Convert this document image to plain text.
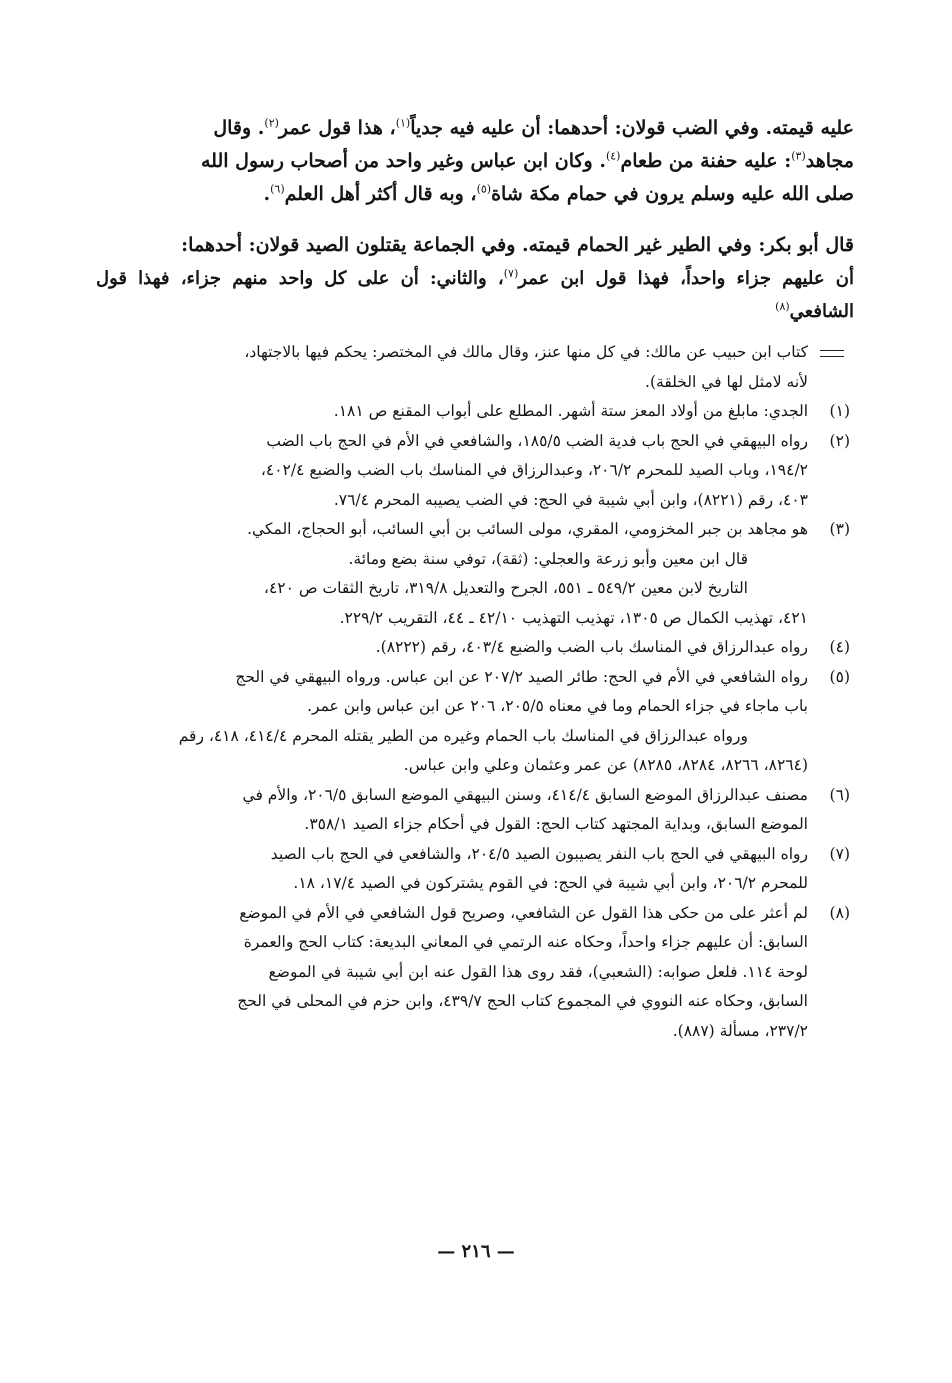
عليه قيمته. وفي الضب قولان: أحدهما: أن عليه فيه جدياً$^{(١)}$، هذا قول عمر$^{(٢)}$. وقال

مجاهد$^{(٣)}$: عليه حفنة من طعام$^{(٤)}$. وكان ابن عباس وغير واحد من أصحاب رسول الله

صلى الله عليه وسلم يرون في حمام مكة شاة$^{(٥)}$، وبه قال أكثر أهل العلم$^{(٦)}$.

قال أبو بكر: وفي الطير غير الحمام قيمته. وفي الجماعة يقتلون الصيد قولان: أحدهما:

أن عليهم جزاء واحداً، فهذا قول ابن عمر$^{(٧)}$، والثاني: أن على كل واحد منهم جزاء، فهذا قول الشافعي$^{(٨)}$

كتاب ابن حبيب عن مالك: في كل منها عنز، وقال مالك في المختصر: يحكم فيها بالاجتهاد،
لأنه لامثل لها في الخلقة).
(١)
الجدي: مابلغ من أولاد المعز ستة أشهر. المطلع على أبواب المقنع ص ١٨١.
(٢)
رواه البيهقي في الحج باب فدية الضب ١٨٥/٥، والشافعي في الأم في الحج باب الضب
١٩٤/٢، وباب الصيد للمحرم ٢٠٦/٢، وعبدالرزاق في المناسك باب الضب والضبع ٤٠٢/٤،
٤٠٣، رقم (٨٢٢١)، وابن أبي شيبة في الحج: في الضب يصيبه المحرم ٧٦/٤.
(٣)
هو مجاهد بن جبر المخزومي، المقري، مولى السائب بن أبي السائب، أبو الحجاج، المكي.
قال ابن معين وأبو زرعة والعجلي: (ثقة)، توفي سنة بضع ومائة.
التاريخ لابن معين ٥٤٩/٢ ـ ٥٥١، الجرح والتعديل ٣١٩/٨، تاريخ الثقات ص ٤٢٠،
٤٢١، تهذيب الكمال ص ١٣٠٥، تهذيب التهذيب ٤٢/١٠ ـ ٤٤، التقريب ٢٢٩/٢.
(٤)
رواه عبدالرزاق في المناسك باب الضب والضبع ٤٠٣/٤، رقم (٨٢٢٢).
(٥)
رواه الشافعي في الأم في الحج: طائر الصيد ٢٠٧/٢ عن ابن عباس. ورواه البيهقي في الحج
باب ماجاء في جزاء الحمام وما في معناه ٢٠٥/٥، ٢٠٦ عن ابن عباس وابن عمر.
ورواه عبدالرزاق في المناسك باب الحمام وغيره من الطير يقتله المحرم ٤١٤/٤، ٤١٨، رقم
(٨٢٦٤، ٨٢٦٦، ٨٢٨٤، ٨٢٨٥) عن عمر وعثمان وعلي وابن عباس.
(٦)
مصنف عبدالرزاق الموضع السابق ٤١٤/٤، وسنن البيهقي الموضع السابق ٢٠٦/٥، والأم في
الموضع السابق، وبداية المجتهد كتاب الحج: القول في أحكام جزاء الصيد ٣٥٨/١.
(٧)
رواه البيهقي في الحج باب النفر يصيبون الصيد ٢٠٤/٥، والشافعي في الحج باب الصيد
للمحرم ٢٠٦/٢، وابن أبي شيبة في الحج: في القوم يشتركون في الصيد ١٧/٤، ١٨.
(٨)
لم أعثر على من حكى هذا القول عن الشافعي، وصريح قول الشافعي في الأم في الموضع
السابق: أن عليهم جزاء واحداً، وحكاه عنه الرتمي في المعاني البديعة: كتاب الحج والعمرة
لوحة ١١٤. فلعل صوابه: (الشعبي)، فقد روى هذا القول عنه ابن أبي شيبة في الموضع
السابق، وحكاه عنه النووي في المجموع كتاب الحج ٤٣٩/٧، وابن حزم في المحلى في الحج
٢٣٧/٢، مسألة (٨٨٧).
— ٢١٦ —
